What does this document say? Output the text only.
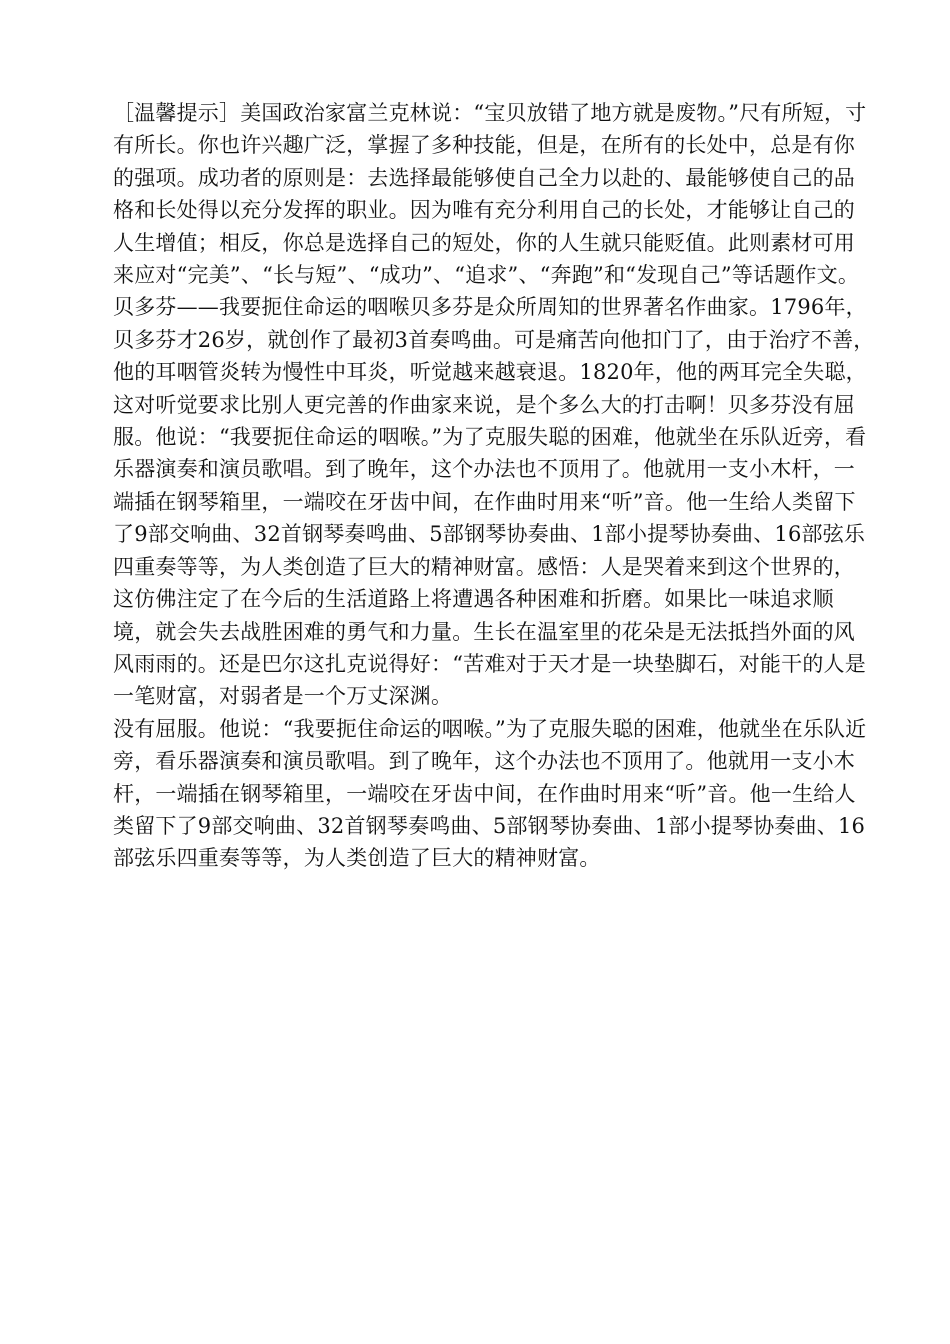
［温馨提示］美国政治家富兰克林说：“宝贝放错了地方就是废物。”尺有所短，寸有所长。你也许兴趣广泛，掌握了多种技能，但是，在所有的长处中，总是有你的强项。成功者的原则是：去选择最能够使自己全力以赴的、最能够使自己的品格和长处得以充分发挥的职业。因为唯有充分利用自己的长处，才能够让自己的人生增值；相反，你总是选择自己的短处，你的人生就只能贬值。此则素材可用来应对“完美”、“长与短”、“成功”、“追求”、“奔跑”和“发现自己”等话题作文。

贝多芬——我要扼住命运的咽喉贝多芬是众所周知的世界著名作曲家。1796年，贝多芬才26岁，就创作了最初3首奏鸣曲。可是痛苦向他扣门了，由于治疗不善，他的耳咽管炎转为慢性中耳炎，听觉越来越衰退。1820年，他的两耳完全失聪，这对听觉要求比别人更完善的作曲家来说，是个多么大的打击啊！贝多芬没有屈服。他说：“我要扼住命运的咽喉。”为了克服失聪的困难，他就坐在乐队近旁，看乐器演奏和演员歌唱。到了晚年，这个办法也不顶用了。他就用一支小木杆，一端插在钢琴箱里，一端咬在牙齿中间，在作曲时用来“听”音。他一生给人类留下了9部交响曲、32首钢琴奏鸣曲、5部钢琴协奏曲、1部小提琴协奏曲、16部弦乐四重奏等等，为人类创造了巨大的精神财富。感悟：人是哭着来到这个世界的，这仿佛注定了在今后的生活道路上将遭遇各种困难和折磨。如果比一味追求顺境，就会失去战胜困难的勇气和力量。生长在温室里的花朵是无法抵挡外面的风风雨雨的。还是巴尔这扎克说得好：“苦难对于天才是一块垫脚石，对能干的人是一笔财富，对弱者是一个万丈深渊。

没有屈服。他说：“我要扼住命运的咽喉。”为了克服失聪的困难，他就坐在乐队近旁，看乐器演奏和演员歌唱。到了晚年，这个办法也不顶用了。他就用一支小木杆，一端插在钢琴箱里，一端咬在牙齿中间，在作曲时用来“听”音。他一生给人类留下了9部交响曲、32首钢琴奏鸣曲、5部钢琴协奏曲、1部小提琴协奏曲、16部弦乐四重奏等等，为人类创造了巨大的精神财富。
